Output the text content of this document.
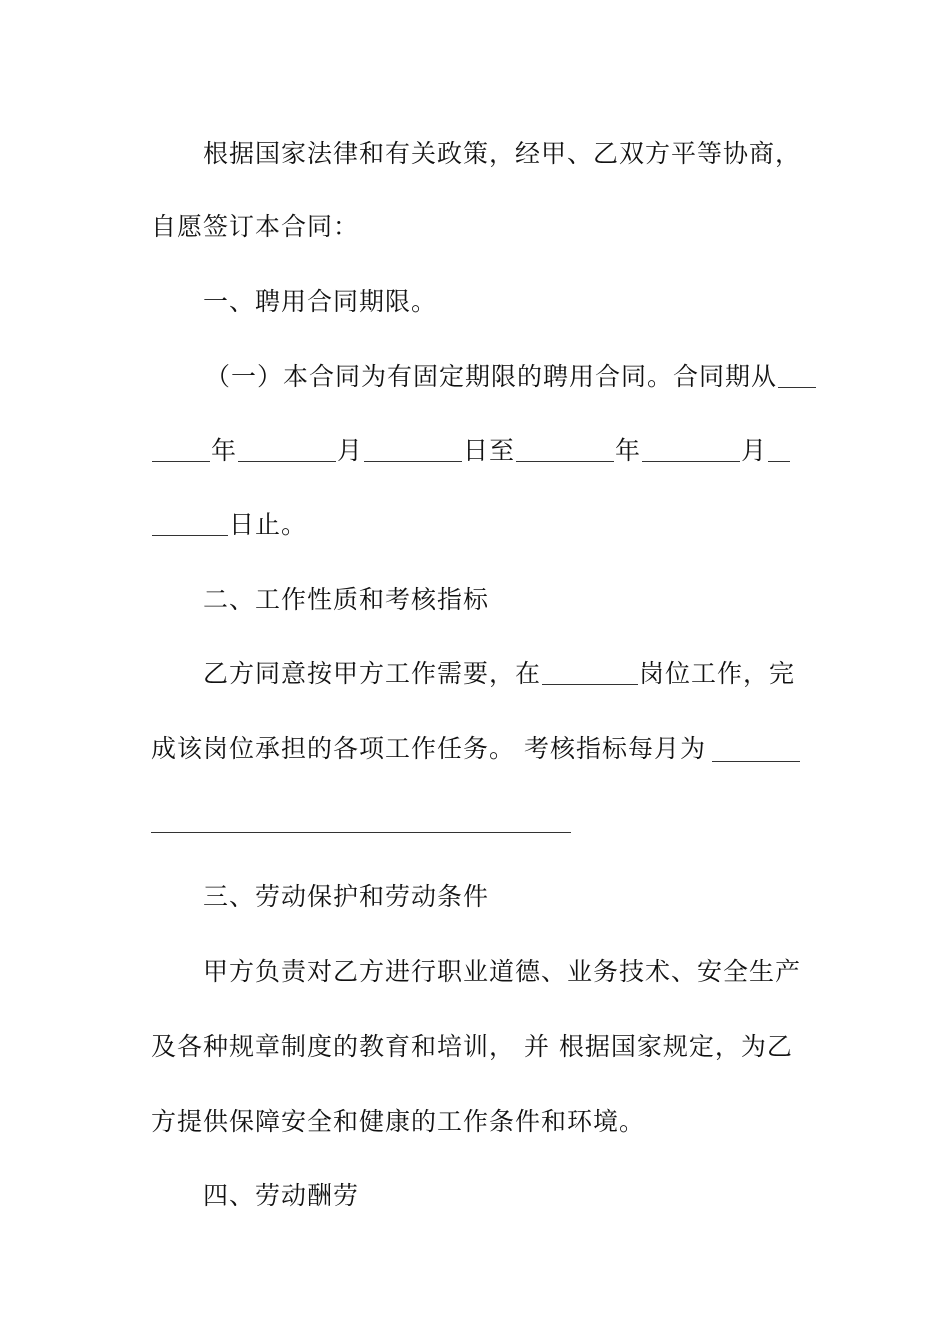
根据国家法律和有关政策，经甲、乙双方平等协商，
自愿签订本合同：
一、聘用合同期限。
（一）本合同为有固定期限的聘用合同。合同期从
年	月	日至	年	月
日止。
二、工作性质和考核指标
乙方同意按甲方工作需要，在	岗位工作，完
成该岗位承担的各项工作任务。 考核指标每月为
三、劳动保护和劳动条件
甲方负责对乙方进行职业道德、业务技术、安全生产
及各种规章制度的教育和培训， 并 根据国家规定，为乙
方提供保障安全和健康的工作条件和环境。
四、劳动酬劳
